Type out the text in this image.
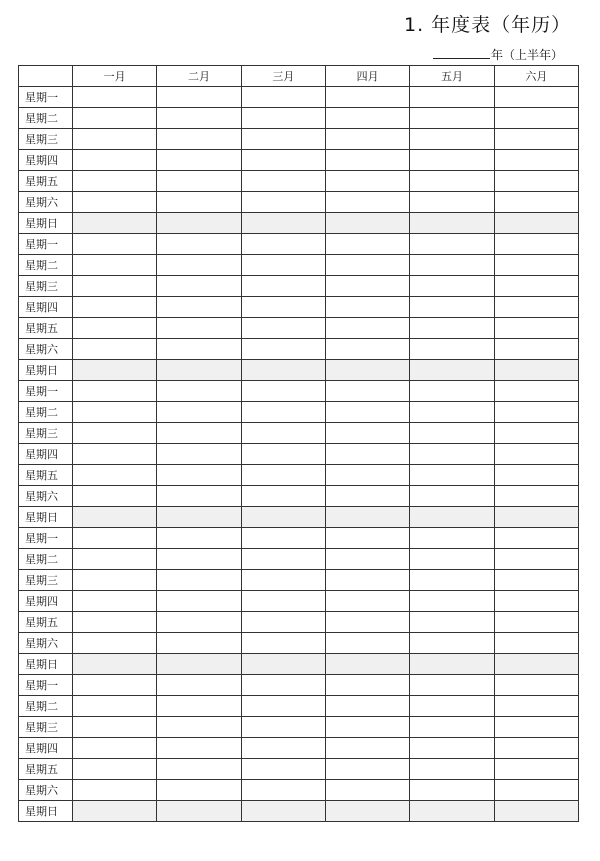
1. 年度表（年历）
年（上半年）
	一月	二月	三月	四月	五月	六月
星期一						
星期二						
星期三						
星期四						
星期五						
星期六						
星期日						
星期一						
星期二						
星期三						
星期四						
星期五						
星期六						
星期日						
星期一						
星期二						
星期三						
星期四						
星期五						
星期六						
星期日						
星期一						
星期二						
星期三						
星期四						
星期五						
星期六						
星期日						
星期一						
星期二						
星期三						
星期四						
星期五						
星期六						
星期日						
